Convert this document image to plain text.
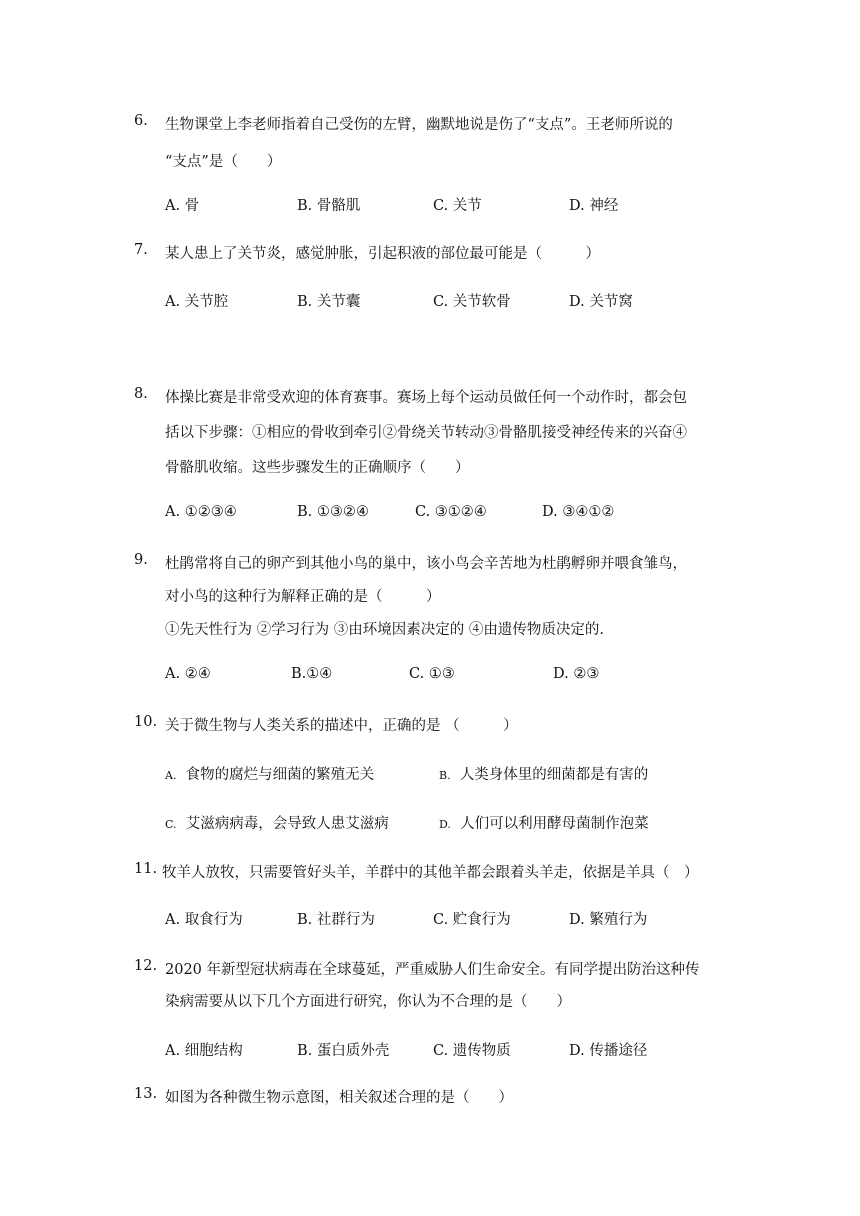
6.	生物课堂上李老师指着自己受伤的左臂，幽默地说是伤了“支点”。王老师所说的
“支点”是（　　）
A. 骨	B. 骨骼肌	C. 关节	D. 神经
7.	某人患上了关节炎，感觉肿胀，引起积液的部位最可能是（　　　）
A. 关节腔	B. 关节囊	C. 关节软骨	D. 关节窝
8.	体操比赛是非常受欢迎的体育赛事。赛场上每个运动员做任何一个动作时，都会包
括以下步骤：①相应的骨收到牵引②骨绕关节转动③骨骼肌接受神经传来的兴奋④
骨骼肌收缩。这些步骤发生的正确顺序（　　）
A. ①②③④	B. ①③②④	C. ③①②④	D. ③④①②
9.	杜鹃常将自己的卵产到其他小鸟的巢中，该小鸟会辛苦地为杜鹃孵卵并喂食雏鸟，
对小鸟的这种行为解释正确的是（　　　）
①先天性行为 ②学习行为 ③由环境因素决定的 ④由遗传物质决定的.
A. ②④	B.①④	C. ①③	D. ②③
10. 关于微生物与人类关系的描述中，正确的是 （　　　）
A. 食物的腐烂与细菌的繁殖无关	B. 人类身体里的细菌都是有害的
C. 艾滋病病毒，会导致人患艾滋病	D. 人们可以利用酵母菌制作泡菜
11. 牧羊人放牧，只需要管好头羊，羊群中的其他羊都会跟着头羊走，依据是羊具（　）
A. 取食行为	B. 社群行为	C. 贮食行为	D. 繁殖行为
12. 2020 年新型冠状病毒在全球蔓延，严重威胁人们生命安全。有同学提出防治这种传
染病需要从以下几个方面进行研究，你认为不合理的是（　　）
A. 细胞结构	B. 蛋白质外壳	C. 遗传物质	D. 传播途径
13. 如图为各种微生物示意图，相关叙述合理的是（　　）
